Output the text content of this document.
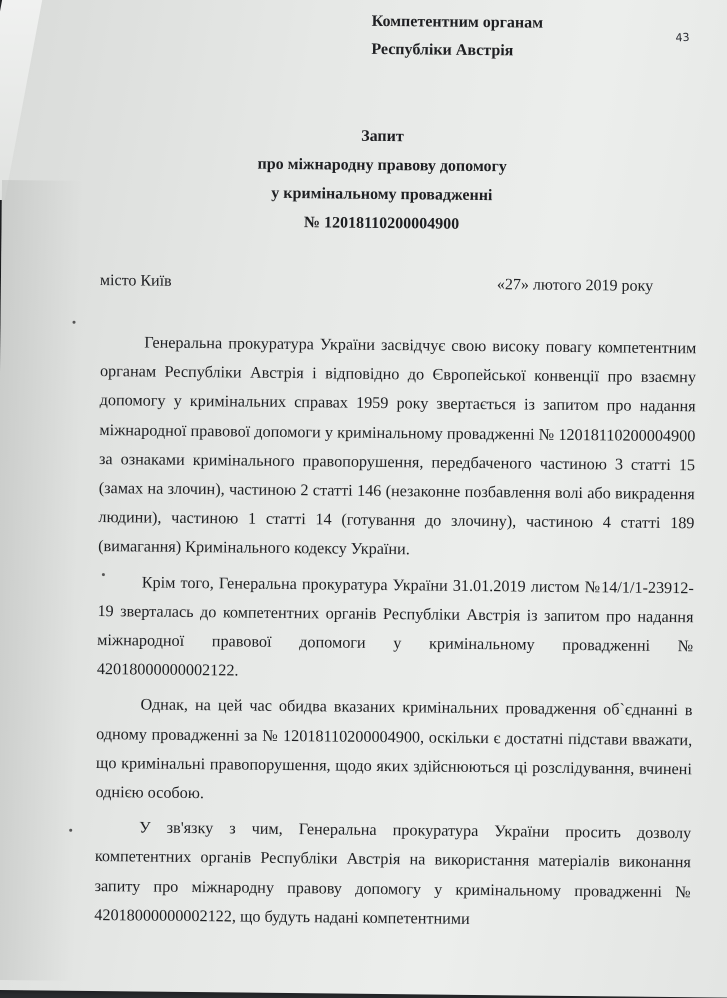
Компетентним органам
Республіки Австрія
43
Запит
про міжнародну правову допомогу
у кримінальному провадженні
№ 12018110200004900
місто Київ	«27» лютого 2019 року

Генеральна прокуратура України засвідчує свою високу повагу компетентним органам Республіки Австрія і відповідно до Європейської конвенції про взаємну допомогу у кримінальних справах 1959 року звертається із запитом про надання міжнародної правової допомоги у кримінальному провадженні № 12018110200004900 за ознаками кримінального правопорушення, передбаченого частиною 3 статті 15 (замах на злочин), частиною 2 статті 146 (незаконне позбавлення волі або викрадення людини), частиною 1 статті 14 (готування до злочину), частиною 4 статті 189 (вимагання) Кримінального кодексу України.

Крім того, Генеральна прокуратура України 31.01.2019 листом №14/1/1-23912-19 зверталась до компетентних органів Республіки Австрія із запитом про надання міжнародної правової допомоги у кримінальному провадженні № 42018000000002122.

Однак, на цей час обидва вказаних кримінальних провадження об`єднанні в одному провадженні за № 12018110200004900, оскільки є достатні підстави вважати, що кримінальні правопорушення, щодо яких здійснюються ці розслідування, вчинені однією особою.

У зв'язку з чим, Генеральна прокуратура України просить дозволу компетентних органів Республіки Австрія на використання матеріалів виконання запиту про міжнародну правову допомогу у кримінальному провадженні № 42018000000002122, що будуть надані компетентними
